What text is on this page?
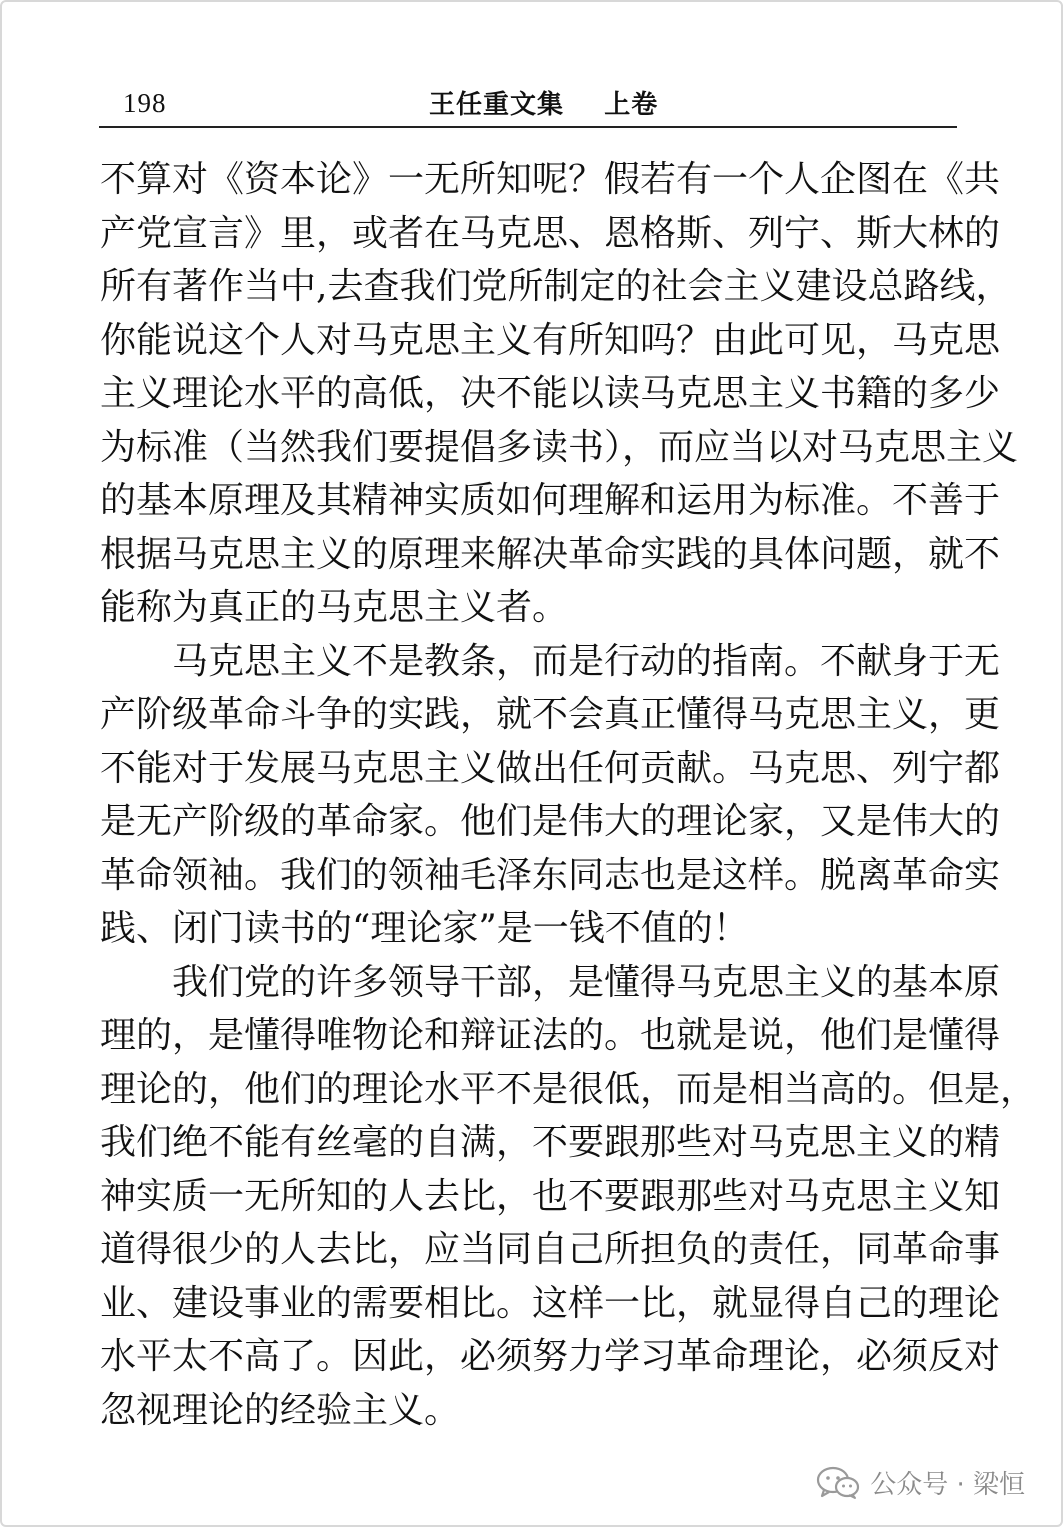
198	王任重文集    上卷
不算对《资本论》一无所知呢？假若有一个人企图在《共
产党宣言》里，或者在马克思、恩格斯、列宁、斯大林的
所有著作当中,去查我们党所制定的社会主义建设总路线，
你能说这个人对马克思主义有所知吗？由此可见，马克思
主义理论水平的高低，决不能以读马克思主义书籍的多少
为标准（当然我们要提倡多读书），而应当以对马克思主义
的基本原理及其精神实质如何理解和运用为标准。不善于
根据马克思主义的原理来解决革命实践的具体问题，就不
能称为真正的马克思主义者。
马克思主义不是教条，而是行动的指南。不献身于无
产阶级革命斗争的实践，就不会真正懂得马克思主义，更
不能对于发展马克思主义做出任何贡献。马克思、列宁都
是无产阶级的革命家。他们是伟大的理论家，又是伟大的
革命领袖。我们的领袖毛泽东同志也是这样。脱离革命实
践、闭门读书的“理论家”是一钱不值的！
我们党的许多领导干部，是懂得马克思主义的基本原
理的，是懂得唯物论和辩证法的。也就是说，他们是懂得
理论的，他们的理论水平不是很低，而是相当高的。但是，
我们绝不能有丝毫的自满，不要跟那些对马克思主义的精
神实质一无所知的人去比，也不要跟那些对马克思主义知
道得很少的人去比，应当同自己所担负的责任，同革命事
业、建设事业的需要相比。这样一比，就显得自己的理论
水平太不高了。因此，必须努力学习革命理论，必须反对
忽视理论的经验主义。
公众号 · 梁恒
